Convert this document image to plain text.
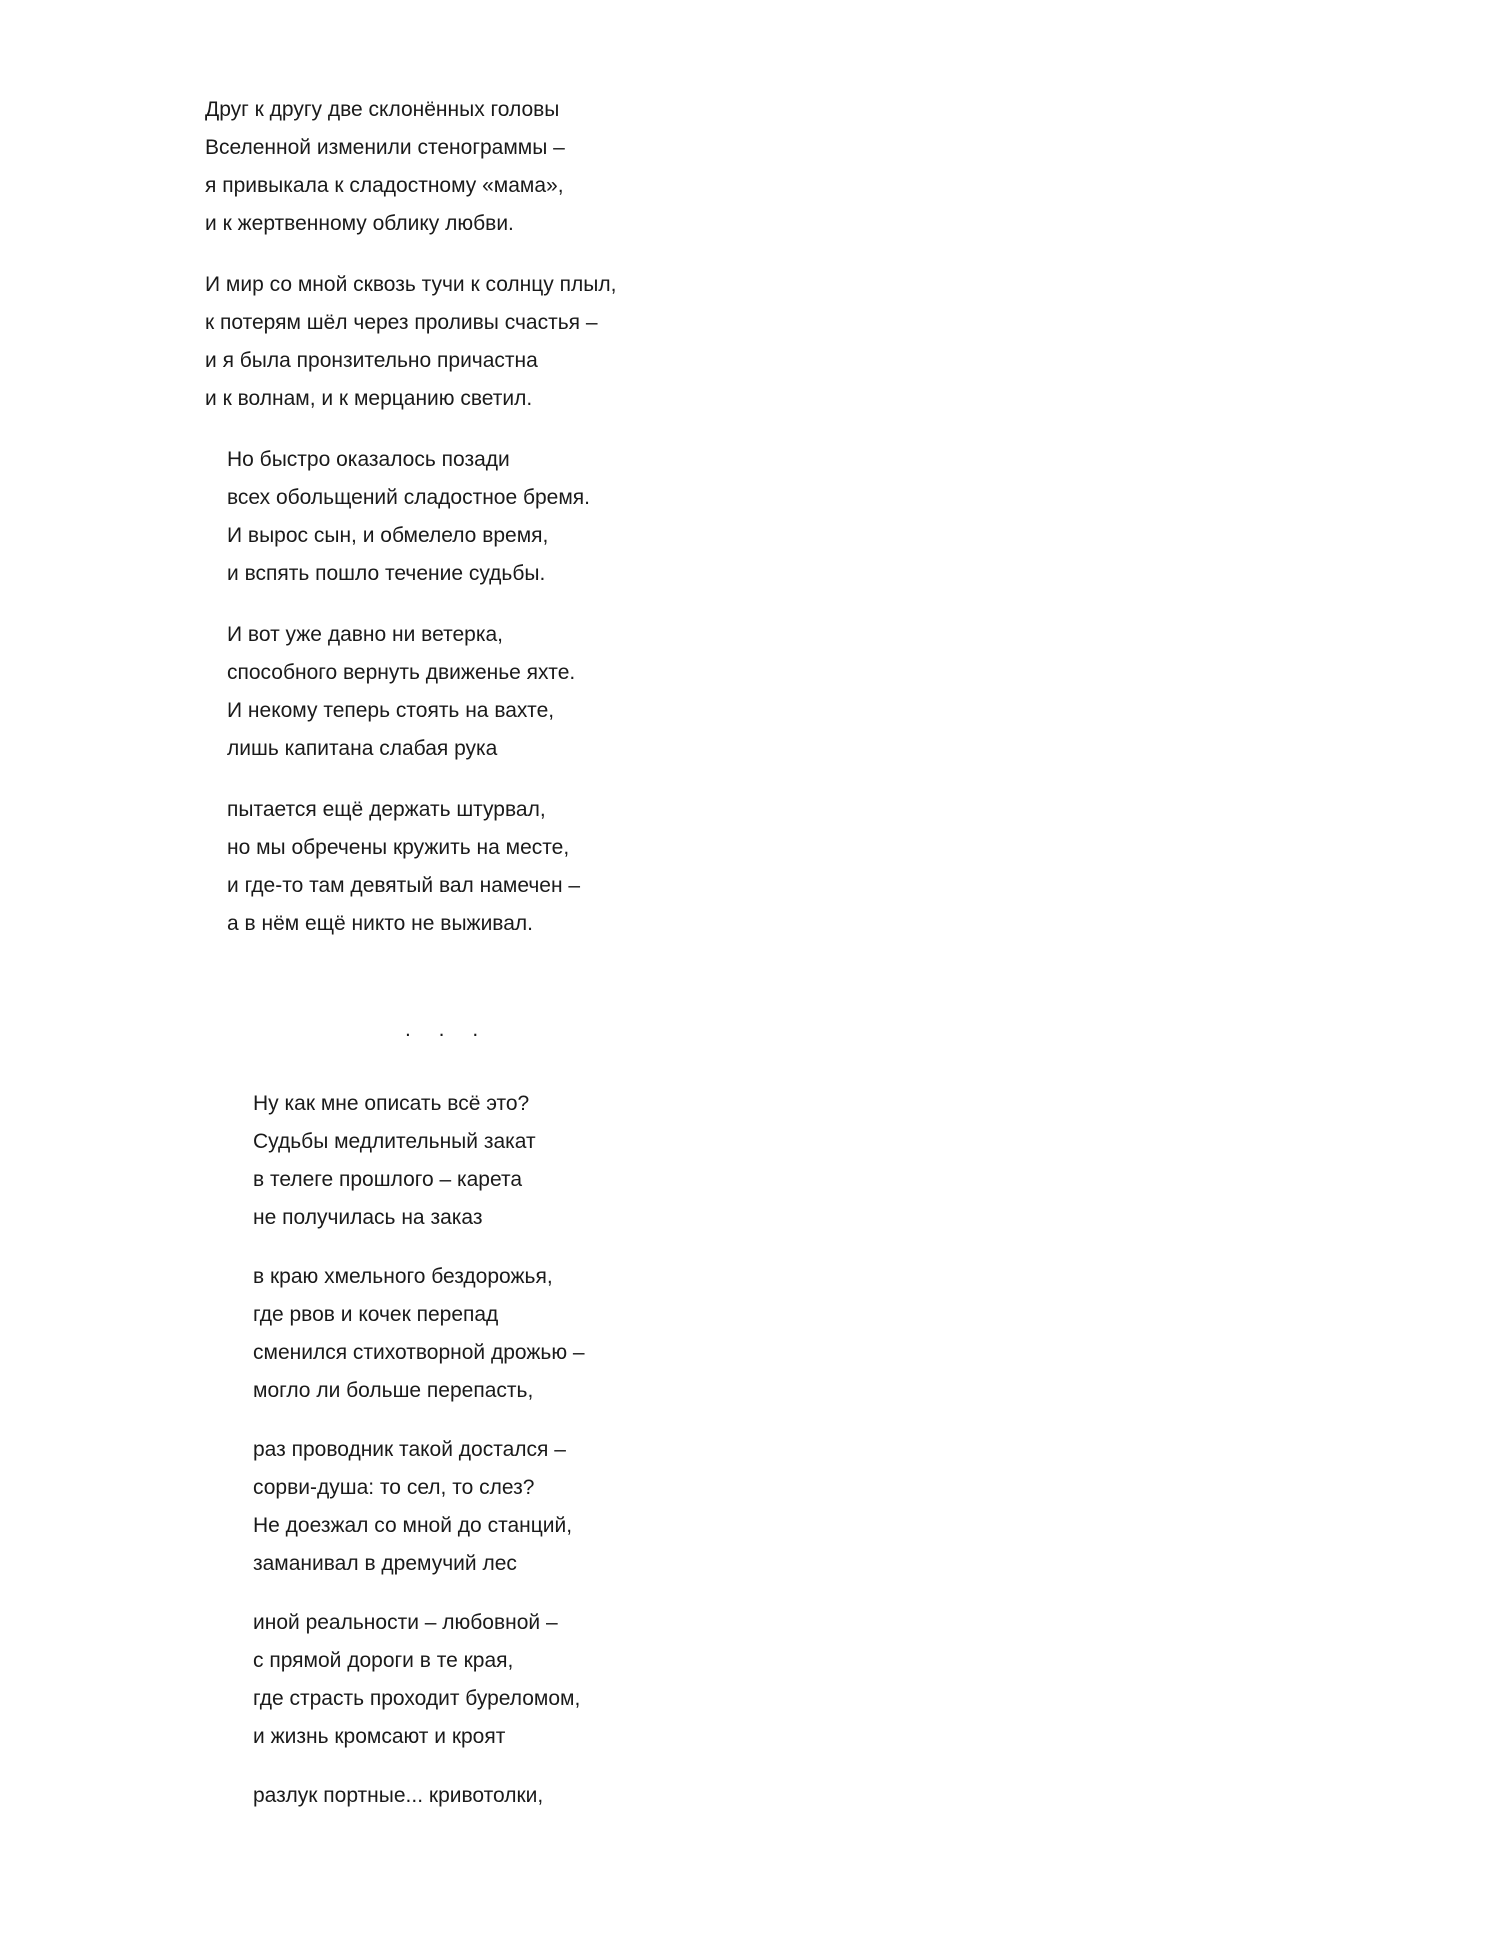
Друг к другу две склонённых головы
Вселенной изменили стенограммы –
я привыкала к сладостному «мама»,
и к жертвенному облику любви.
И мир со мной сквозь тучи к солнцу плыл,
к потерям шёл через проливы счастья –
и я была пронзительно причастна
и к волнам, и к мерцанию светил.
Но быстро оказалось позади
всех обольщений сладостное бремя.
И вырос сын, и обмелело время,
и вспять пошло течение судьбы.
И вот уже давно ни ветерка,
способного вернуть движенье яхте.
И некому теперь стоять на вахте,
лишь капитана слабая рука
пытается ещё держать штурвал,
но мы обречены кружить на месте,
и где-то там девятый вал намечен –
а в нём ещё никто не выживал.
. . .
Ну как мне описать всё это?
Судьбы медлительный закат
в телеге прошлого – карета
не получилась на заказ
в краю хмельного бездорожья,
где рвов и кочек перепад
сменился стихотворной дрожью –
могло ли больше перепасть,
раз проводник такой достался –
сорви-душа: то сел, то слез?
Не доезжал со мной до станций,
заманивал в дремучий лес
иной реальности – любовной –
с прямой дороги в те края,
где страсть проходит буреломом,
и жизнь кромсают и кроят
разлук портные... кривотолки,
